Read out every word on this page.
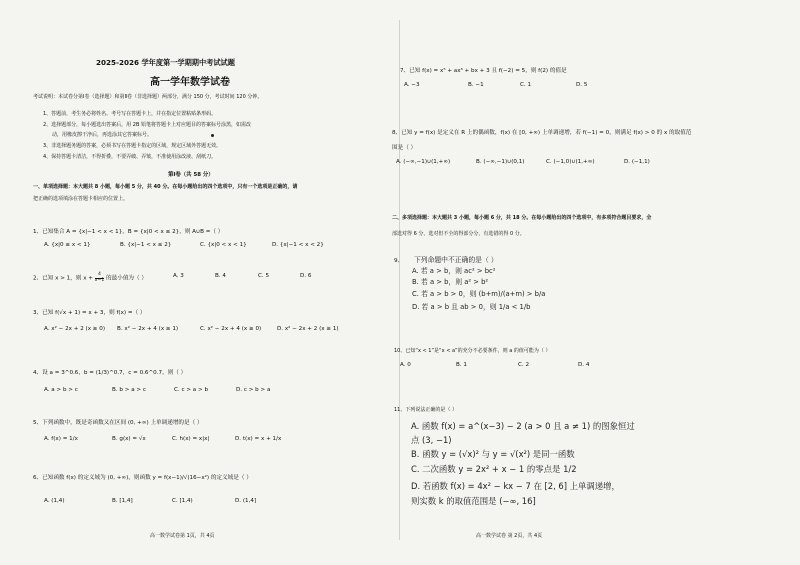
2025-2026 学年度第一学期期中考试试题
高一学年数学试卷
考试说明：本试卷分第Ⅰ卷（选择题）和第Ⅱ卷（非选择题）两部分，满分 150 分，考试时间 120 分钟。
1、答题前，考生务必将姓名、考号写在答题卡上，并在指定位置粘贴条形码。
2、选择题部分，每小题选出答案后，用 2B 铅笔将答题卡上对应题目的答案标号涂黑，如需改
动，用橡皮擦干净后，再选涂其它答案标号。
3、非选择题务题的答案，必须书写在答题卡指定的区域，规定区域外答题无效。
4、保持答题卡清洁，不得折叠，不要弄破、弄皱，不准使用涂改液、刮纸刀。
第Ⅰ卷（共 58 分）
一、单项选择题：本大题共 8 小题，每小题 5 分，共 40 分。在每小题给出的四个选项中，只有一个选项是正确的，请
把正确的选项填涂在答题卡相应的位置上。
1、已知集合 A = {x|−1 < x < 1}，B = {x|0 < x ≤ 2}，则 A∪B =（ ）
A. {x|0 ≤ x < 1}	B. {x|−1 < x ≤ 2}	C. {x|0 < x < 1}	D. {x|−1 < x < 2}
2、已知 x > 1，则 $x + \frac{4}{x-1}$ 的最小值为（ ）	A. 3	B. 4	C. 5	D. 6
3、已知 f(√x + 1) = x + 3，则 f(x) =（ ）
A. x² − 2x + 2 (x ≥ 0) B. x² − 2x + 4 (x ≥ 1)	C. x² − 2x + 4 (x ≥ 0)	D. x² − 2x + 2 (x ≥ 1)
4、设 a = 3^0.6，b = (1/3)^0.7，c = 0.6^0.7，则（ ）
A. a > b > c	B. b > a > c	C. c > a > b	D. c > b > a
5、下列函数中，既是奇函数又在区间 (0, +∞) 上单调递增的是（ ）
A. f(x) = 1/x	B. g(x) = √x	C. h(x) = x|x|	D. t(x) = x + 1/x
6、已知函数 f(x) 的定义域为 (0, +∞)，则函数 y = f(x−1)/√(16−x²) 的定义域是（ ）
A. (1,4)	B. [1,4]	C. [1,4)	D. (1,4]
高一数学试卷第 1页，共 4页
7、已知 f(x) = x⁵ + ax³ + bx + 3 且 f(−2) = 5，则 f(2) 的值是
A. −3	B. −1	C. 1	D. 5
8、已知 y = f(x) 是定义在 R 上的偶函数，f(x) 在 [0, +∞) 上单调递增，若 f(−1) = 0，则满足 f(x) > 0 的 x 的取值范
围是（ ）
A. (−∞,−1)∪(1,+∞)	B. (−∞,−1)∪(0,1)	C. (−1,0)∪(1,+∞)	D. (−1,1)
二、多项选择题：本大题共 3 小题，每小题 6 分，共 18 分。在每小题给出的四个选项中，有多项符合题目要求，全
部选对得 6 分，选对但不全的得部分分，有选错的得 0 分。
9、 下列命题中不正确的是（ ）
A. 若 a > b，则 ac² > bc²
B. 若 a > b，则 a² > b²
C. 若 a > b > 0，则 (b+m)/(a+m) > b/a
D. 若 a > b 且 ab > 0，则 1/a < 1/b
10、已知“x < 1”是“x < a”的充分不必要条件，则 a 的值可能为（ ）
A. 0	B. 1	C. 2	D. 4
11、下列说法正确的是（ ）
A. 函数 f(x) = a^(x−3) − 2 (a > 0 且 a ≠ 1) 的图象恒过
点 (3, −1)
B. 函数 y = (√x)² 与 y = √(x²) 是同一函数
C. 二次函数 y = 2x² + x − 1 的零点是 1/2
D. 若函数 f(x) = 4x² − kx − 7 在 [2, 6] 上单调递增，
则实数 k 的取值范围是 (−∞, 16]
高一数学试卷 第 2页，共 4页
